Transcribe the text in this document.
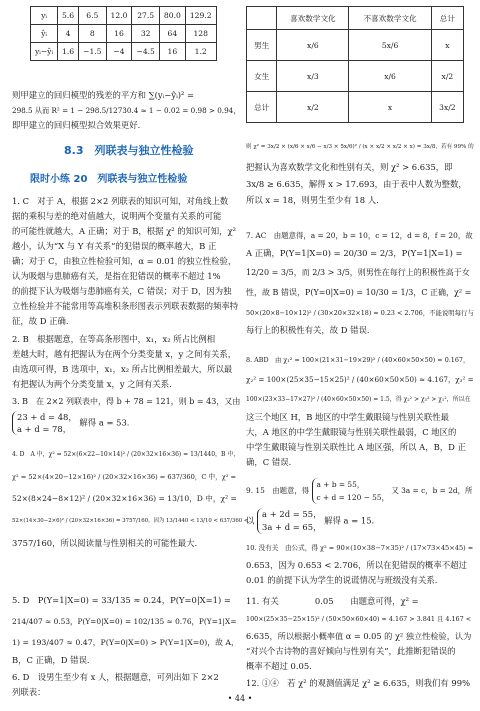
yᵢ	5.6	6.5	12.0	27.5	80.0	129.2
ŷᵢ	4	8	16	32	64	128
yᵢ−ŷᵢ	1.6	−1.5	−4	−4.5	16	1.2
则甲建立的回归模型的残差的平方和 ∑(yᵢ−ŷᵢ)² =
298.5 从而 R² = 1 − 298.5/12730.4 ≈ 1 − 0.02 = 0.98 > 0.94，
即甲建立的回归模型拟合效果更好.
8.3　列联表与独立性检验
限时小练 20　列联表与独立性检验
1. C　对于 A，根据 2×2 列联表的知识可知，对角线上数
据的乘积与差的绝对值越大，说明两个变量有关系的可能
的可能性就越大，A 正确；对于 B，根据 χ² 的知识可知，χ²
越小，认为“X 与 Y 有关系”的犯错误的概率越大，B 正
确；对于 C，由独立性检验可知，α = 0.01 的独立性检验，
认为吸烟与患肺癌有关，是指在犯错误的概率不超过 1%
的前提下认为吸烟与患肺癌有关，C 错误；对于 D，因为独
立性检验并不能常用等高堆积条形图表示列联表数据的频率特
征，故 D 正确.
2. B　根据题意，在等高条形图中，x₁，x₂ 所占比例相
差越大时，越有把握认为在两个分类变量 x，y 之间有关系，
由选项可得，B 选项中，x₁，x₂ 所占比例相差最大，所以最
有把握认为两个分类变量 x，y 之间有关系.
3. B　在 2×2 列联表中，得 b + 78 = 121，则 b = 43，又由
23 + d = 48，
a + d = 78，
解得 a = 53.
4. D　A 中，χ² = 52×(6×22−10×14)² / (20×32×16×36) = 13/1440，B 中，
χ² = 52×(4×20−12×16)² / (20×32×16×36) = 637/360，C 中，χ² =
52×(8×24−8×12)² / (20×32×16×36) = 13/10，D 中，χ² =
52×(14×30−2×6)² / (20×32×16×36) = 3757/160，因为 13/1440 < 13/10 < 637/360 <
3757/160，所以阅读量与性别相关的可能性最大.
5. D　P(Y=1|X=0) = 33/135 ≈ 0.24，P(Y=0|X=1) =
214/407 ≈ 0.53，P(Y=0|X=0) = 102/135 ≈ 0.76，P(Y=1|X=
1) = 193/407 ≈ 0.47，P(Y=0|X=0) > P(Y=1|X=0)，故 A，
B，C 正确，D 错误.
6. D　设男生至少有 x 人，根据题意，可列出如下 2×2
列联表：
	喜欢数学文化	不喜欢数学文化	总计
男生	x/6	5x/6	x
女生	x/3	x/6	x/2
总计	x/2	x	3x/2
则 χ² = 3x/2 × (x/6 × x/6 − x/3 × 5x/6)² / (x × x/2 × x/2 × x) = 3x/8，若有 99% 的
把握认为喜欢数学文化和性别有关，则 χ² > 6.635，即
3x/8 ≥ 6.635，解得 x > 17.693，由于表中人数为整数，
所以 x = 18，则男生至少有 18 人.
7. AC　由题意得，a = 20，b = 10，c = 12，d = 8，f = 20，故
A 正确，P(Y=1|X=0) = 20/30 = 2/3，P(Y=1|X=1) =
12/20 = 3/5，而 2/3 > 3/5，则男性在每行上的积极性高于女
性，故 B 错误，P(Y=0|X=0) = 10/30 = 1/3，C 正确，χ² =
50×(20×8−10×12)² / (30×20×32×18) ≈ 0.23 < 2.706，不能说明每行与
每行上的积极性有关，故 D 错误.
8. ABD　由 χ₁² = 100×(21×31−19×29)² / (40×60×50×50) ≈ 0.167，
χ₂² = 100×(25×35−15×25)² / (40×60×50×50) ≈ 4.167，χ₃² =
100×(23×33−17×27)² / (40×60×50×50) = 1.5，得 χ₂² > χ₃² > χ₁²，所以在
这三个地区 H，B 地区的中学生戴眼镜与性别关联性最
大，A 地区的中学生戴眼镜与性别关联性最弱，C 地区的
中学生戴眼镜与性别关联性比 A 地区强，所以 A，B，D 正
确，C 错误.
9. 15　由题意，得
a + b = 55，
c + d = 120 − 55，
又 3a = c，b = 2d，所
以
a + 2d = 55，
3a + d = 65，
解得 a = 15.
10. 没有关　由公式，得 χ² = 90×(10×38−7×35)² / (17×73×45×45) ≈
0.653，因为 0.653 < 2.706，所以在犯错误的概率不超过
0.01 的前提下认为学生的说谎情况与班级没有关系.
11. 有关　　　　 0.05　　由题意可得，χ² =
100×(25×35−25×15)² / (50×50×60×40) ≈ 4.167 > 3.841 且 4.167 <
6.635，所以根据小概率值 α = 0.05 的 χ² 独立性检验，认为
“对兴个古诗物的喜好倾向与性别有关”，此推断犯错误的
概率不超过 0.05.
12. ①④　若 χ² 的观测值满足 χ² ≥ 6.635，则我们有 99%
• 44 •
